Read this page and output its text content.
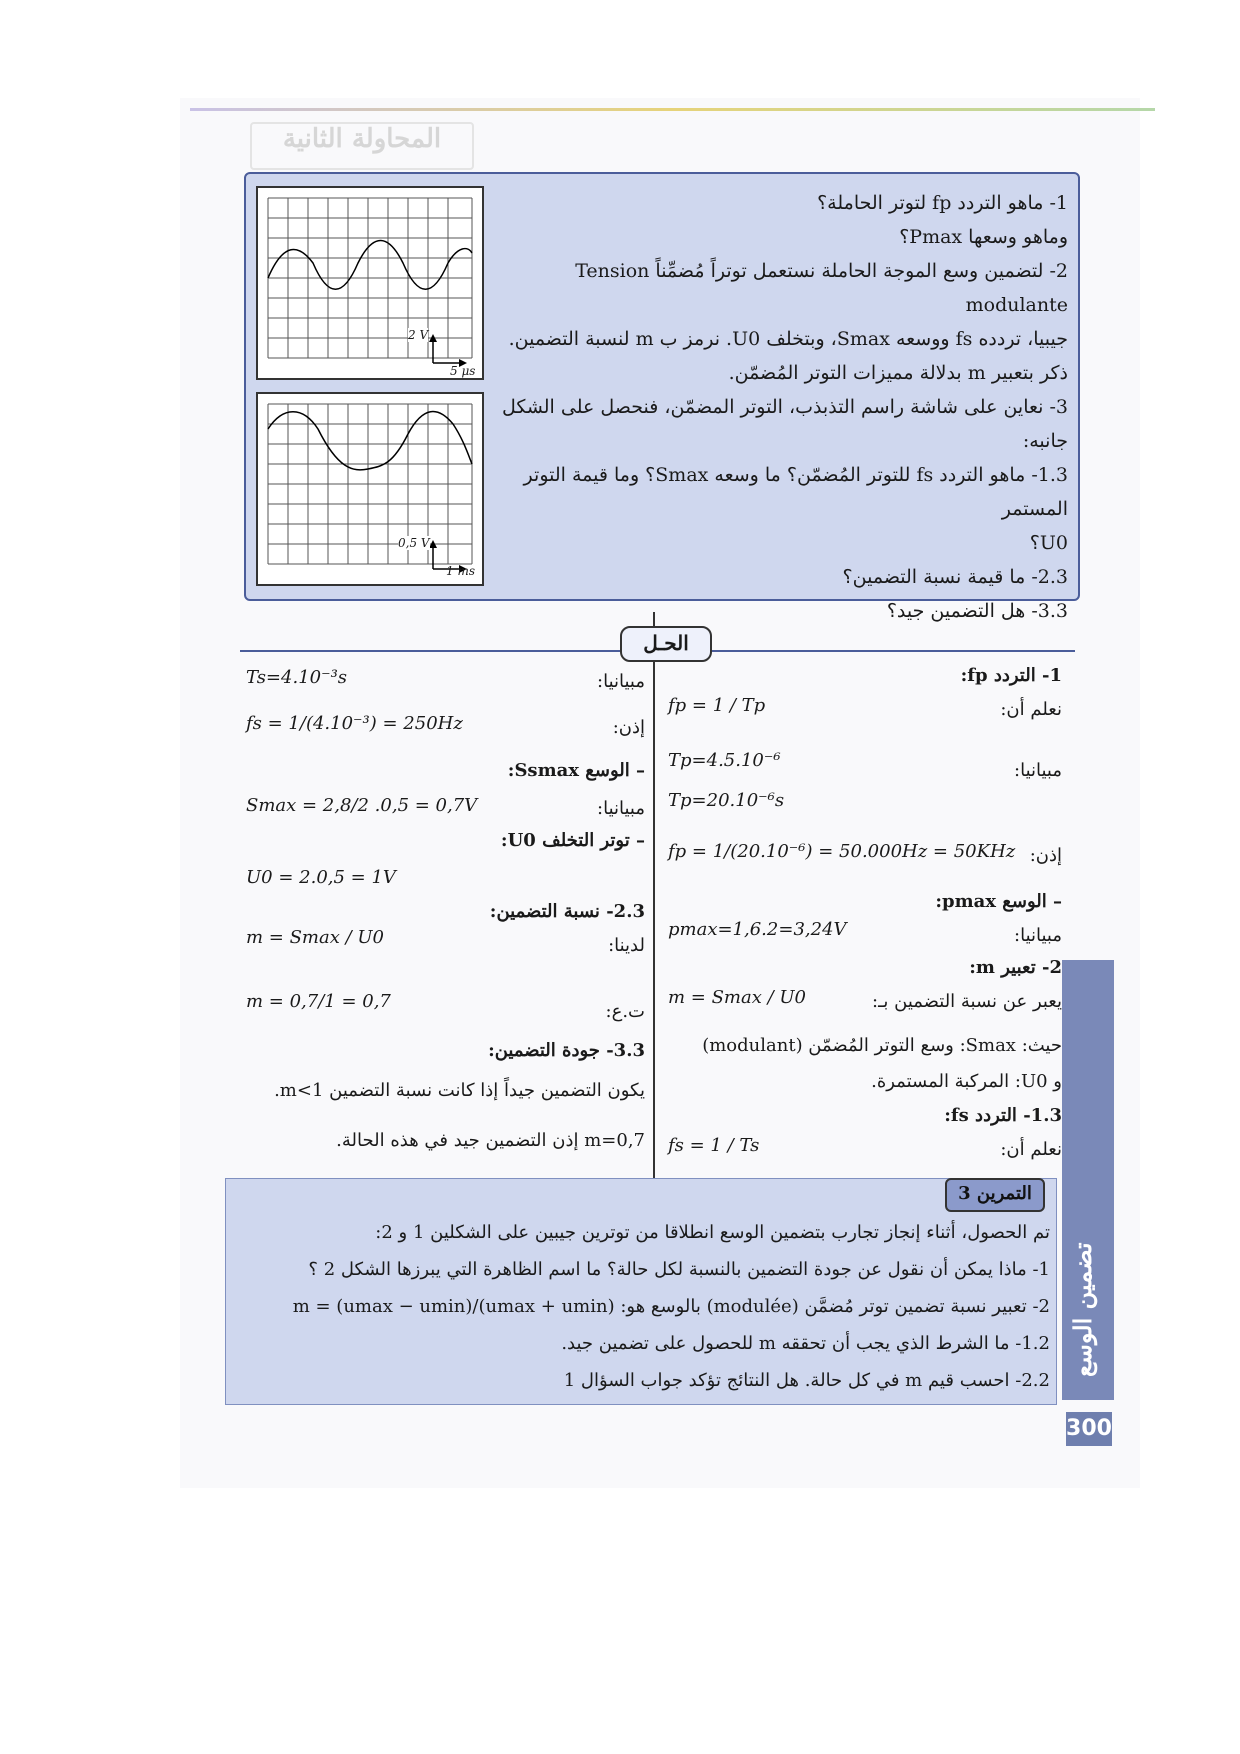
المحاولة الثانية
1- ماهو التردد fp لتوتر الحاملة؟
وماهو وسعها Pmax؟
2- لتضمين وسع الموجة الحاملة نستعمل توتراً مُضمِّناً Tension modulante
جيبيا، تردده fs ووسعه Smax، وبتخلف U0. نرمز ب m لنسبة التضمين.
ذكر بتعبير m بدلالة مميزات التوتر المُضمّن.
3- نعاين على شاشة راسم التذبذب، التوتر المضمّن، فنحصل على الشكل
جانبه:
1.3- ماهو التردد fs للتوتر المُضمّن؟ ما وسعه Smax؟ وما قيمة التوتر المستمر
U0؟
2.3- ما قيمة نسبة التضمين؟
3.3- هل التضمين جيد؟
2 V
5 μs
0,5 V
1 ms
الحـل
1- التردد fp:
نعلم أن:
fp = 1 / Tp
مبيانيا:
Tp=4.5.10⁻⁶
Tp=20.10⁻⁶s
إذن:
fp = 1/(20.10⁻⁶) = 50.000Hz = 50KHz
– الوسع pmax:
مبيانيا:
pmax=1,6.2=3,24V
2- تعبير m:
يعبر عن نسبة التضمين بـ:
m = Smax / U0
حيث: Smax: وسع التوتر المُضمّن (modulant)
و U0: المركبة المستمرة.
1.3- التردد fs:
نعلم أن:
fs = 1 / Ts
مبيانيا:
Ts=4.10⁻³s
إذن:
fs = 1/(4.10⁻³) = 250Hz
– الوسع Ssmax:
مبيانيا:
Smax = 2,8/2 .0,5 = 0,7V
– توتر التخلف U0:
U0 = 2.0,5 = 1V
2.3- نسبة التضمين:
لدينا:
m = Smax / U0
ت.ع:
m = 0,7/1 = 0,7
3.3- جودة التضمين:
يكون التضمين جيداً إذا كانت نسبة التضمين 1>m.
m=0,7 إذن التضمين جيد في هذه الحالة.
التمرين 3
تم الحصول، أثناء إنجاز تجارب بتضمين الوسع انطلاقا من توترين جيبين على الشكلين 1 و 2:
1- ماذا يمكن أن نقول عن جودة التضمين بالنسبة لكل حالة؟ ما اسم الظاهرة التي يبرزها الشكل 2 ؟
2- تعبير نسبة تضمين توتر مُضمَّن (modulée) بالوسع هو: m = (umax − umin)/(umax + umin)
1.2- ما الشرط الذي يجب أن تحققه m للحصول على تضمين جيد.
2.2- احسب قيم m في كل حالة. هل النتائج تؤكد جواب السؤال 1
تضمين الوسع
300
